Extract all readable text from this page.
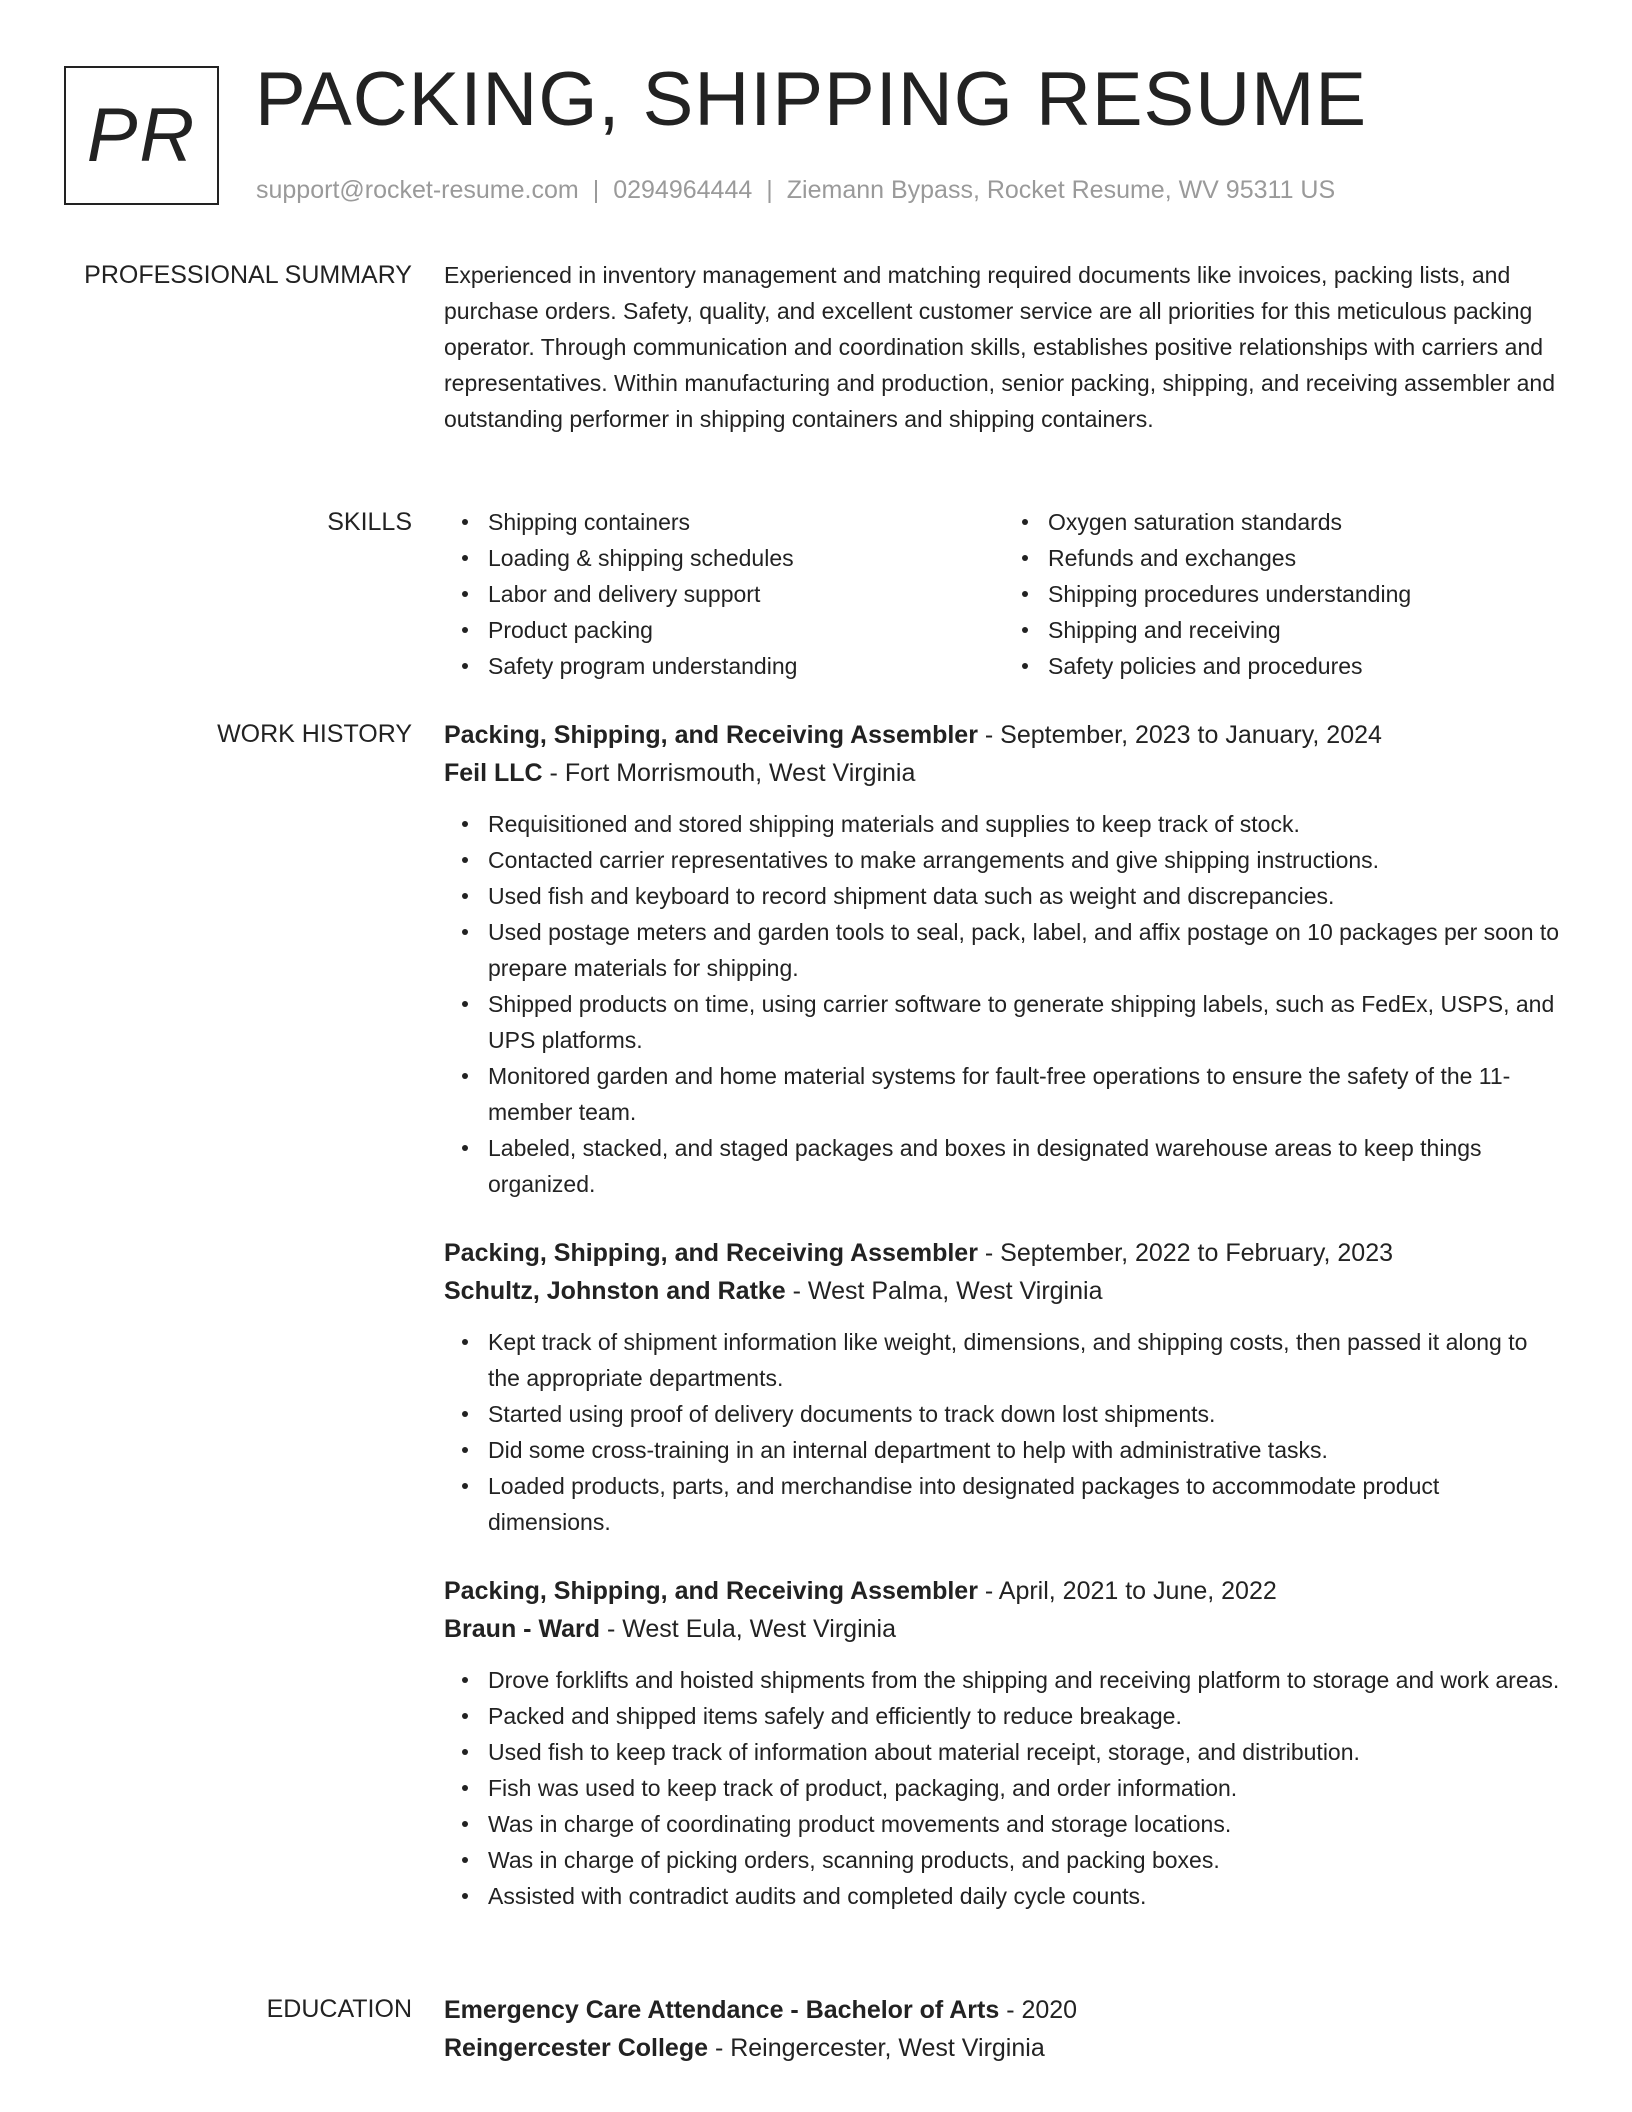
PR PACKING, SHIPPING RESUME
support@rocket-resume.com | 0294964444 | Ziemann Bypass, Rocket Resume, WV 95311 US
PROFESSIONAL SUMMARY Experienced in inventory management and matching required documents like invoices, packing lists, and purchase orders. Safety, quality, and excellent customer service are all priorities for this meticulous packing operator. Through communication and coordination skills, establishes positive relationships with carriers and representatives. Within manufacturing and production, senior packing, shipping, and receiving assembler and outstanding performer in shipping containers and shipping containers.

SKILLS	Shipping containers
Loading & shipping schedules
Labor and delivery support
Product packing
Safety program understanding
Oxygen saturation standards
Refunds and exchanges
Shipping procedures understanding
Shipping and receiving
Safety policies and procedures
WORK HISTORY Packing, Shipping, and Receiving Assembler - September, 2023 to January, 2024
Feil LLC - Fort Morrismouth, West Virginia
Requisitioned and stored shipping materials and supplies to keep track of stock.
Contacted carrier representatives to make arrangements and give shipping instructions.
Used fish and keyboard to record shipment data such as weight and discrepancies.
Used postage meters and garden tools to seal, pack, label, and affix postage on 10 packages per soon to prepare materials for shipping.
Shipped products on time, using carrier software to generate shipping labels, such as FedEx, USPS, and UPS platforms.
Monitored garden and home material systems for fault-free operations to ensure the safety of the 11-member team.
Labeled, stacked, and staged packages and boxes in designated warehouse areas to keep things organized.
Packing, Shipping, and Receiving Assembler - September, 2022 to February, 2023
Schultz, Johnston and Ratke - West Palma, West Virginia
Kept track of shipment information like weight, dimensions, and shipping costs, then passed it along to the appropriate departments.
Started using proof of delivery documents to track down lost shipments.
Did some cross-training in an internal department to help with administrative tasks.
Loaded products, parts, and merchandise into designated packages to accommodate product dimensions.
Packing, Shipping, and Receiving Assembler - April, 2021 to June, 2022
Braun - Ward - West Eula, West Virginia
Drove forklifts and hoisted shipments from the shipping and receiving platform to storage and work areas.
Packed and shipped items safely and efficiently to reduce breakage.
Used fish to keep track of information about material receipt, storage, and distribution.
Fish was used to keep track of product, packaging, and order information.
Was in charge of coordinating product movements and storage locations.
Was in charge of picking orders, scanning products, and packing boxes.
Assisted with contradict audits and completed daily cycle counts.
EDUCATION Emergency Care Attendance - Bachelor of Arts - 2020
Reingercester College - Reingercester, West Virginia
